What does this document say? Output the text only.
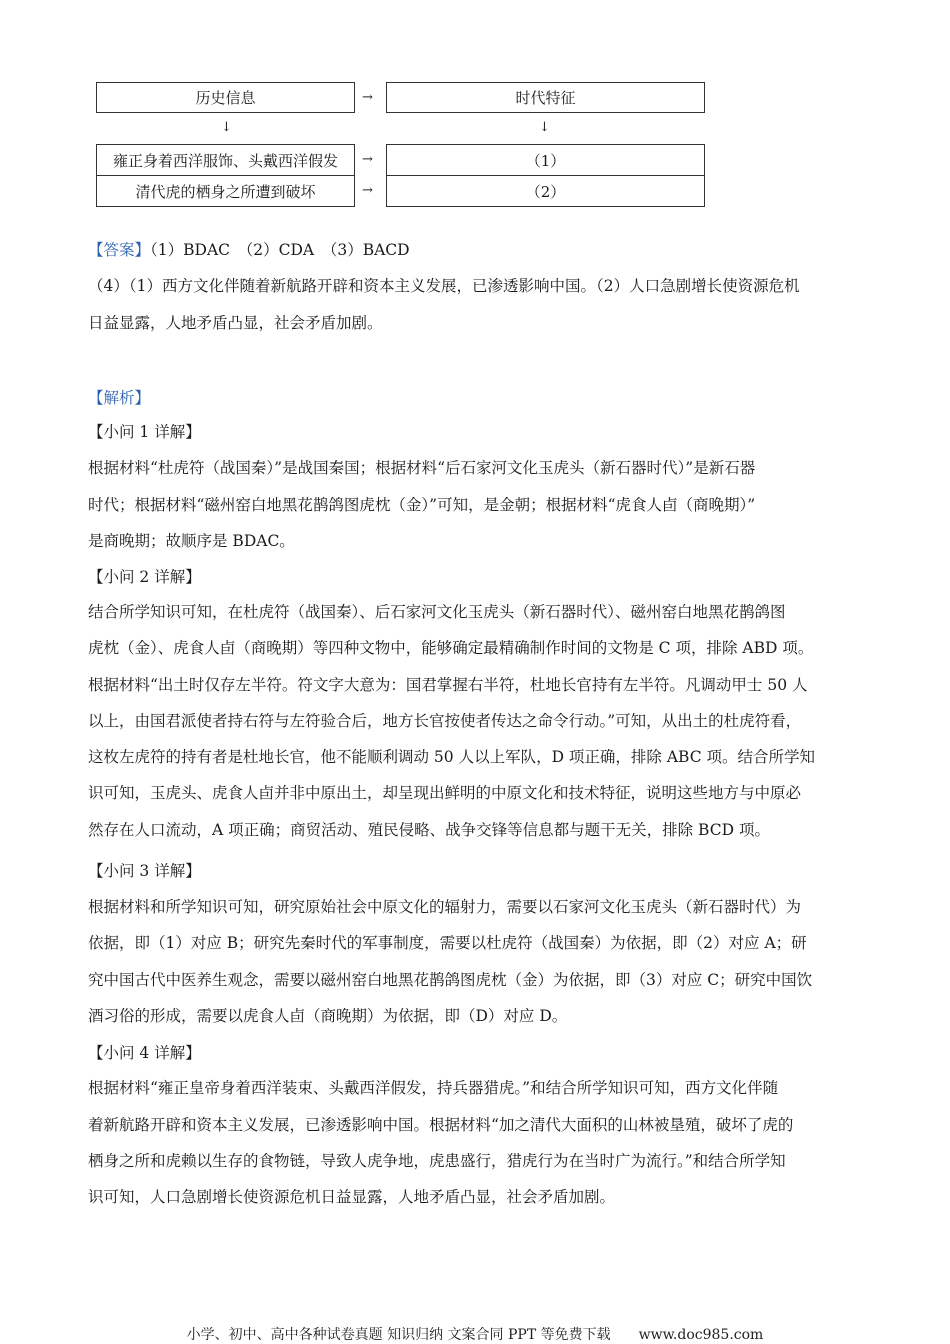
历史信息	→	时代特征
↓	↓
雍正身着西洋服饰、头戴西洋假发 →	（1）
清代虎的栖身之所遭到破坏	→	（2）
【答案】（1）BDAC　（2）CDA　（3）BACD
（4）（1）西方文化伴随着新航路开辟和资本主义发展，已渗透影响中国。（2）人口急剧增长使资源危机
日益显露，人地矛盾凸显，社会矛盾加剧。
【解析】
【小问 1 详解】
根据材料“杜虎符（战国秦）”是战国秦国；根据材料“后石家河文化玉虎头（新石器时代）”是新石器
时代；根据材料“磁州窑白地黑花鹊鸽图虎枕（金）”可知，是金朝；根据材料“虎食人卣（商晚期）”
是商晚期；故顺序是 BDAC。
【小问 2 详解】
结合所学知识可知，在杜虎符（战国秦）、后石家河文化玉虎头（新石器时代）、磁州窑白地黑花鹊鸽图
虎枕（金）、虎食人卣（商晚期）等四种文物中，能够确定最精确制作时间的文物是 C 项，排除 ABD 项。
根据材料“出土时仅存左半符。符文字大意为：国君掌握右半符，杜地长官持有左半符。凡调动甲士 50 人
以上，由国君派使者持右符与左符验合后，地方长官按使者传达之命令行动。”可知，从出土的杜虎符看，
这枚左虎符的持有者是杜地长官，他不能顺利调动 50 人以上军队，D 项正确，排除 ABC 项。结合所学知
识可知，玉虎头、虎食人卣并非中原出土，却呈现出鲜明的中原文化和技术特征，说明这些地方与中原必
然存在人口流动，A 项正确；商贸活动、殖民侵略、战争交锋等信息都与题干无关，排除 BCD 项。
【小问 3 详解】
根据材料和所学知识可知，研究原始社会中原文化的辐射力，需要以石家河文化玉虎头（新石器时代）为
依据，即（1）对应 B；研究先秦时代的军事制度，需要以杜虎符（战国秦）为依据，即（2）对应 A；研
究中国古代中医养生观念，需要以磁州窑白地黑花鹊鸽图虎枕（金）为依据，即（3）对应 C；研究中国饮
酒习俗的形成，需要以虎食人卣（商晚期）为依据，即（D）对应 D。
【小问 4 详解】
根据材料“雍正皇帝身着西洋装束、头戴西洋假发，持兵器猎虎。”和结合所学知识可知，西方文化伴随
着新航路开辟和资本主义发展，已渗透影响中国。根据材料“加之清代大面积的山林被垦殖，破坏了虎的
栖身之所和虎赖以生存的食物链，导致人虎争地，虎患盛行，猎虎行为在当时广为流行。”和结合所学知
识可知，人口急剧增长使资源危机日益显露，人地矛盾凸显，社会矛盾加剧。
小学、初中、高中各种试卷真题 知识归纳 文案合同 PPT 等免费下载　　www.doc985.com
